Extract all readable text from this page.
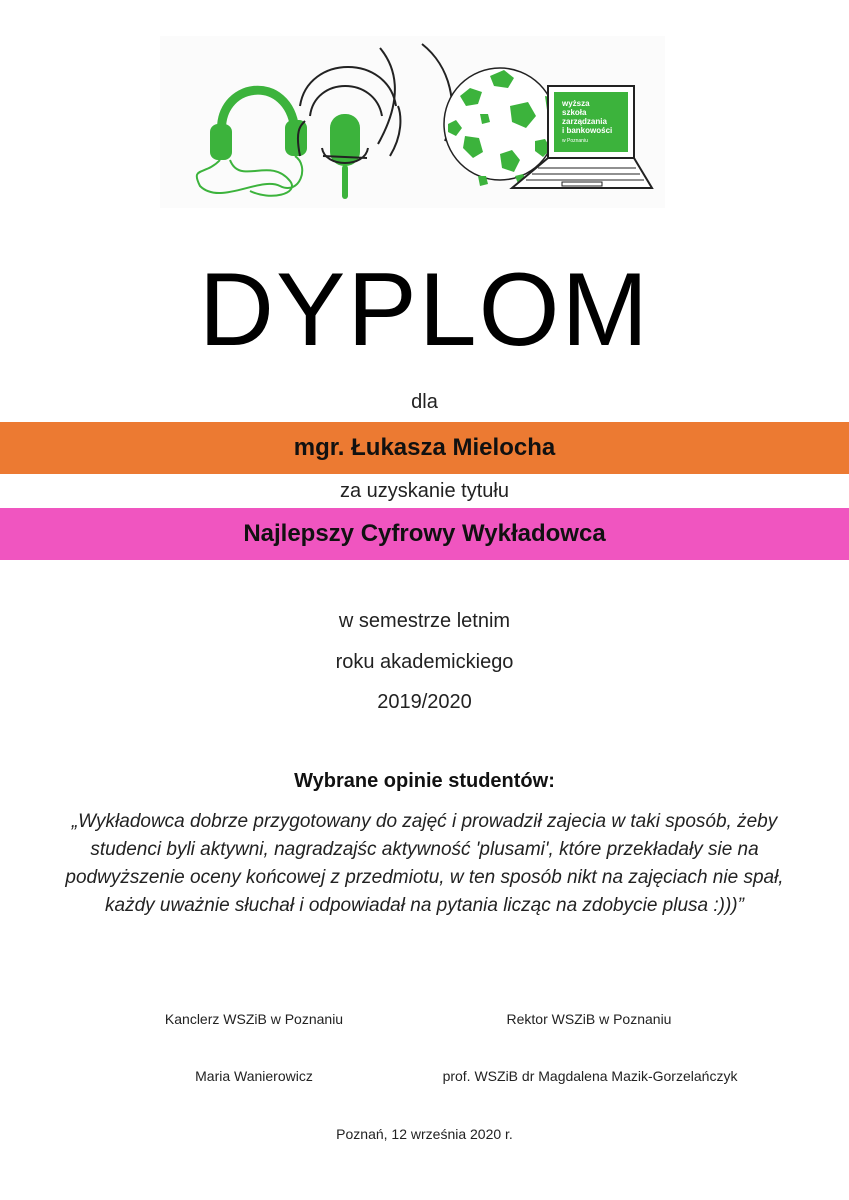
wyższa
szkoła
zarządzania
i bankowości
w Poznaniu
DYPLOM
dla
mgr. Łukasza Mielocha
za uzyskanie tytułu
Najlepszy Cyfrowy Wykładowca
w semestrze letnim
roku akademickiego
2019/2020
Wybrane opinie studentów:
„Wykładowca dobrze przygotowany do zajęć i prowadził zajecia w taki sposób, żeby
studenci byli aktywni, nagradzajśc aktywność 'plusami', które przekładały sie na
podwyższenie oceny końcowej z przedmiotu, w ten sposób nikt na zajęciach nie spał,
każdy uważnie słuchał i odpowiadał na pytania licząc na zdobycie plusa :)))”
Kanclerz WSZiB w Poznaniu	Rektor WSZiB w Poznaniu
Maria Wanierowicz	prof. WSZiB dr Magdalena Mazik-Gorzelańczyk
Poznań, 12 września 2020 r.
